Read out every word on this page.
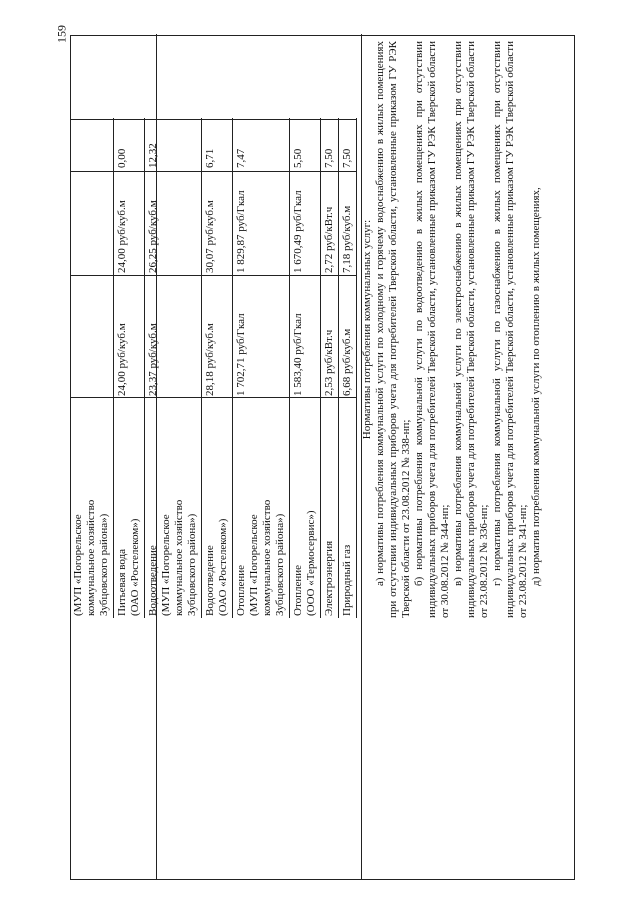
159
(МУП «Погорельское коммунальное хозяйство Зубцовского района») Питьевая вода (ОАО «Ростелеком»)
24,00 руб/куб.м
24,00 руб/куб.м
0,00
Водоотведение (МУП «Погорельское коммунальное хозяйство Зубцовского района»)
23,37 руб/куб.м
26,25 руб/куб.м
12,32
Водоотведение (ОАО «Ростелеком»)
28,18 руб/куб.м
30,07 руб/куб.м
6,71
Отопление (МУП «Погорельское коммунальное хозяйство Зубцовского района»)
1 702,71 руб/Гкал
1 829,87 руб/Гкал
7,47
Отопление (ООО «Термосервис»)
1 583,40 руб/Гкал
1 670,49 руб/Гкал
5,50
Электроэнергия
2,53 руб/кВт.ч
2,72 руб/кВт.ч
7,50
Природный газ
6,68 руб/куб.м
7,18 руб/куб.м
7,50

Нормативы потребления коммунальных услуг: а) нормативы потребления коммунальной услуги по холодному и горячему водоснабжению в жилых помещениях при отсутствии индивидуальных приборов учета для потребителей Тверской области, установленные приказом ГУ РЭК Тверской области от 23.08.2012 № 338-нп; б) нормативы потребления коммунальной услуги по водоотведению в жилых помещениях при отсутствии индивидуальных приборов учета для потребителей Тверской области, установленные приказом ГУ РЭК Тверской области от 30.08.2012 № 344-нп; в) нормативы потребления коммунальной услуги по электроснабжению в жилых помещениях при отсутствии индивидуальных приборов учета для потребителей Тверской области, установленные приказом ГУ РЭК Тверской области от 23.08.2012 № 336-нп; г) нормативы потребления коммунальной услуги по газоснабжению в жилых помещениях при отсутствии индивидуальных приборов учета для потребителей Тверской области, установленные приказом ГУ РЭК Тверской области от 23.08.2012 № 341-нп; д) норматив потребления коммунальной услуги по отоплению в жилых помещениях,
